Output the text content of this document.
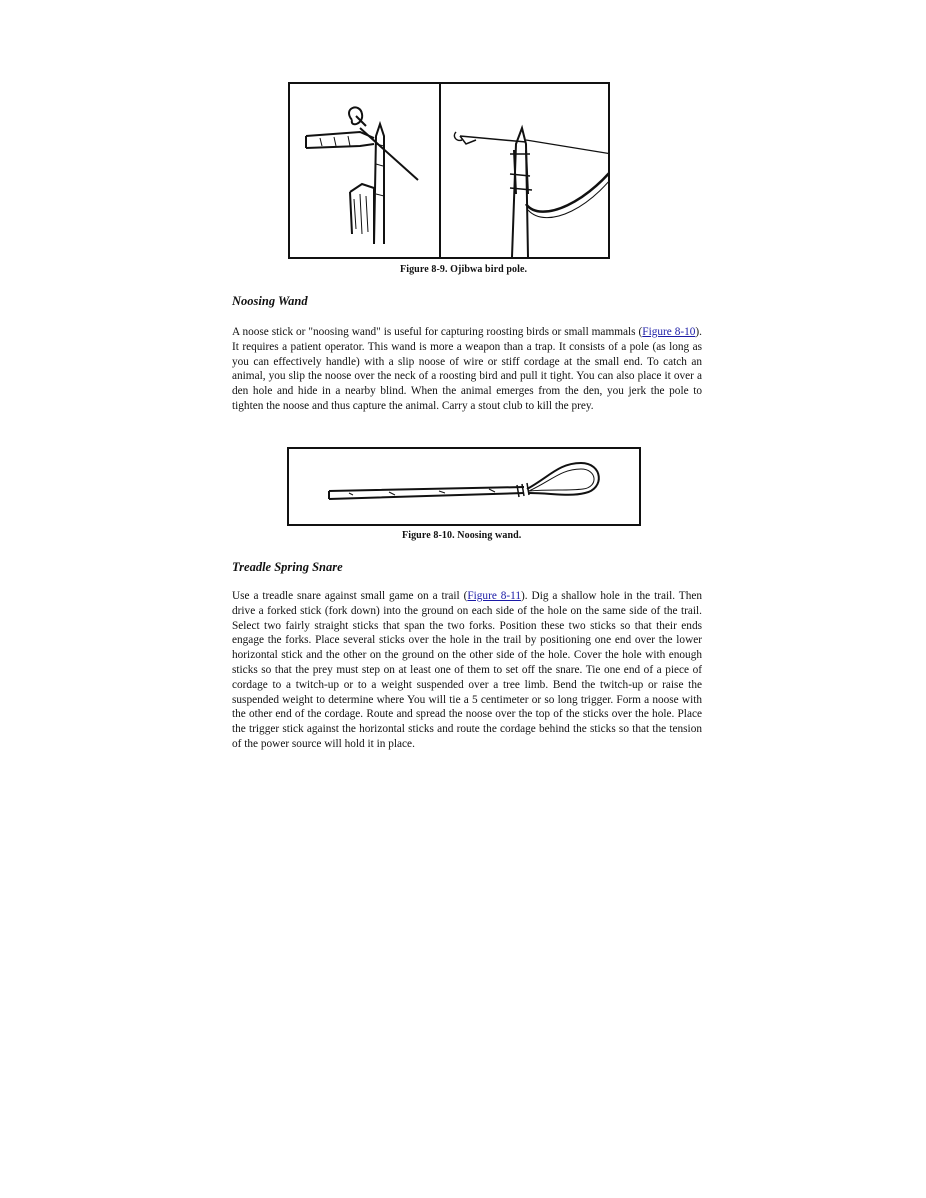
Figure 8-9. Ojibwa bird pole.
Noosing Wand
A noose stick or "noosing wand" is useful for capturing roosting birds or small mammals (Figure 8-10). It requires a patient operator. This wand is more a weapon than a trap. It consists of a pole (as long as you can effectively handle) with a slip noose of wire or stiff cordage at the small end. To catch an animal, you slip the noose over the neck of a roosting bird and pull it tight. You can also place it over a den hole and hide in a nearby blind. When the animal emerges from the den, you jerk the pole to tighten the noose and thus capture the animal. Carry a stout club to kill the prey.
Figure 8-10. Noosing wand.
Treadle Spring Snare
Use a treadle snare against small game on a trail (Figure 8-11). Dig a shallow hole in the trail. Then drive a forked stick (fork down) into the ground on each side of the hole on the same side of the trail. Select two fairly straight sticks that span the two forks. Position these two sticks so that their ends engage the forks. Place several sticks over the hole in the trail by positioning one end over the lower horizontal stick and the other on the ground on the other side of the hole. Cover the hole with enough sticks so that the prey must step on at least one of them to set off the snare. Tie one end of a piece of cordage to a twitch-up or to a weight suspended over a tree limb. Bend the twitch-up or raise the suspended weight to determine where You will tie a 5 centimeter or so long trigger. Form a noose with the other end of the cordage. Route and spread the noose over the top of the sticks over the hole. Place the trigger stick against the horizontal sticks and route the cordage behind the sticks so that the tension of the power source will hold it in place.
